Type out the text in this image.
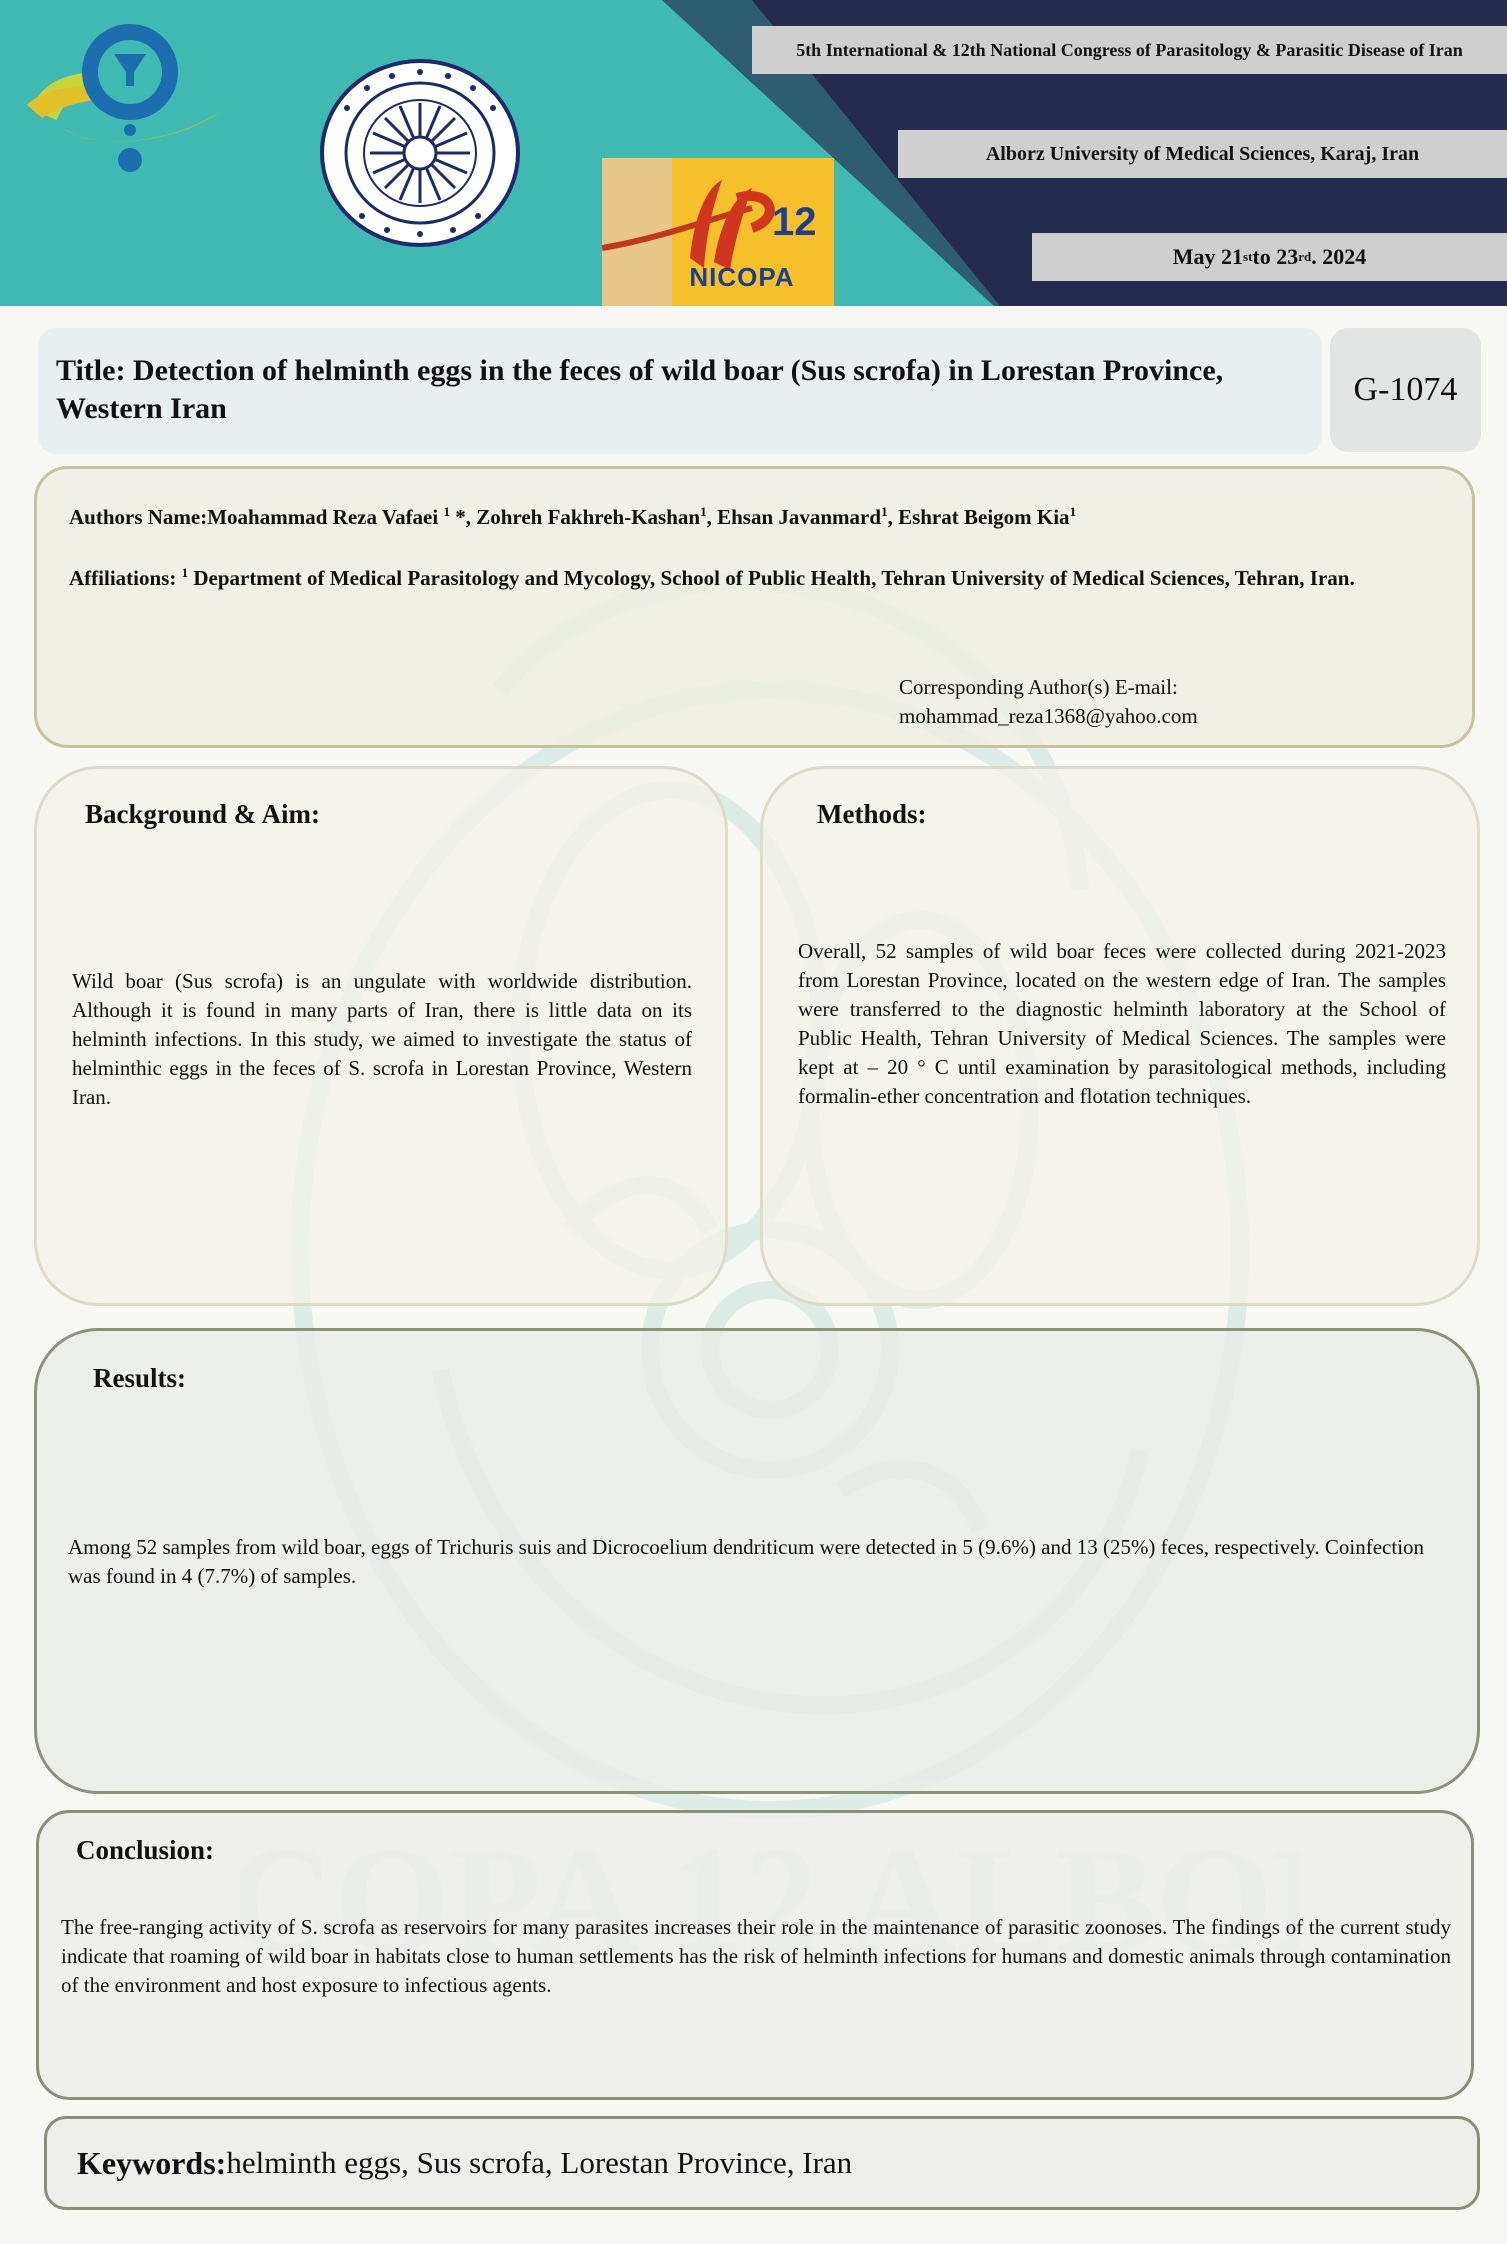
5th International & 12th National Congress of Parasitology & Parasitic Disease of Iran
Alborz University of Medical Sciences, Karaj, Iran
May 21 st to 23 rd . 2024
NICOPA
12
Title: Detection of helminth eggs in the feces of wild boar (Sus scrofa) in Lorestan Province, Western Iran
G-1074
Authors Name:Moahammad Reza Vafaei $^1$ *, Zohreh Fakhreh-Kashan$^1$, Ehsan Javanmard$^1$, Eshrat Beigom Kia$^1$
Affiliations: $^1$ Department of Medical Parasitology and Mycology, School of Public Health, Tehran University of Medical Sciences, Tehran, Iran.
Corresponding Author(s) E-mail:
mohammad_reza1368@yahoo.com
Background & Aim:
Wild boar (Sus scrofa) is an ungulate with worldwide distribution. Although it is found in many parts of Iran, there is little data on its helminth infections. In this study, we aimed to investigate the status of helminthic eggs in the feces of S. scrofa in Lorestan Province, Western Iran.
Methods:
Overall, 52 samples of wild boar feces were collected during 2021-2023 from Lorestan Province, located on the western edge of Iran. The samples were transferred to the diagnostic helminth laboratory at the School of Public Health, Tehran University of Medical Sciences. The samples were kept at – 20 ° C until examination by parasitological methods, including formalin-ether concentration and flotation techniques.
Results:
Among 52 samples from wild boar, eggs of Trichuris suis and Dicrocoelium dendriticum were detected in 5 (9.6%) and 13 (25%) feces, respectively. Coinfection was found in 4 (7.7%) of samples.
Conclusion:
The free-ranging activity of S. scrofa as reservoirs for many parasites increases their role in the maintenance of parasitic zoonoses. The findings of the current study indicate that roaming of wild boar in habitats close to human settlements has the risk of helminth infections for humans and domestic animals through contamination of the environment and host exposure to infectious agents.
Keywords: helminth eggs, Sus scrofa, Lorestan Province, Iran
